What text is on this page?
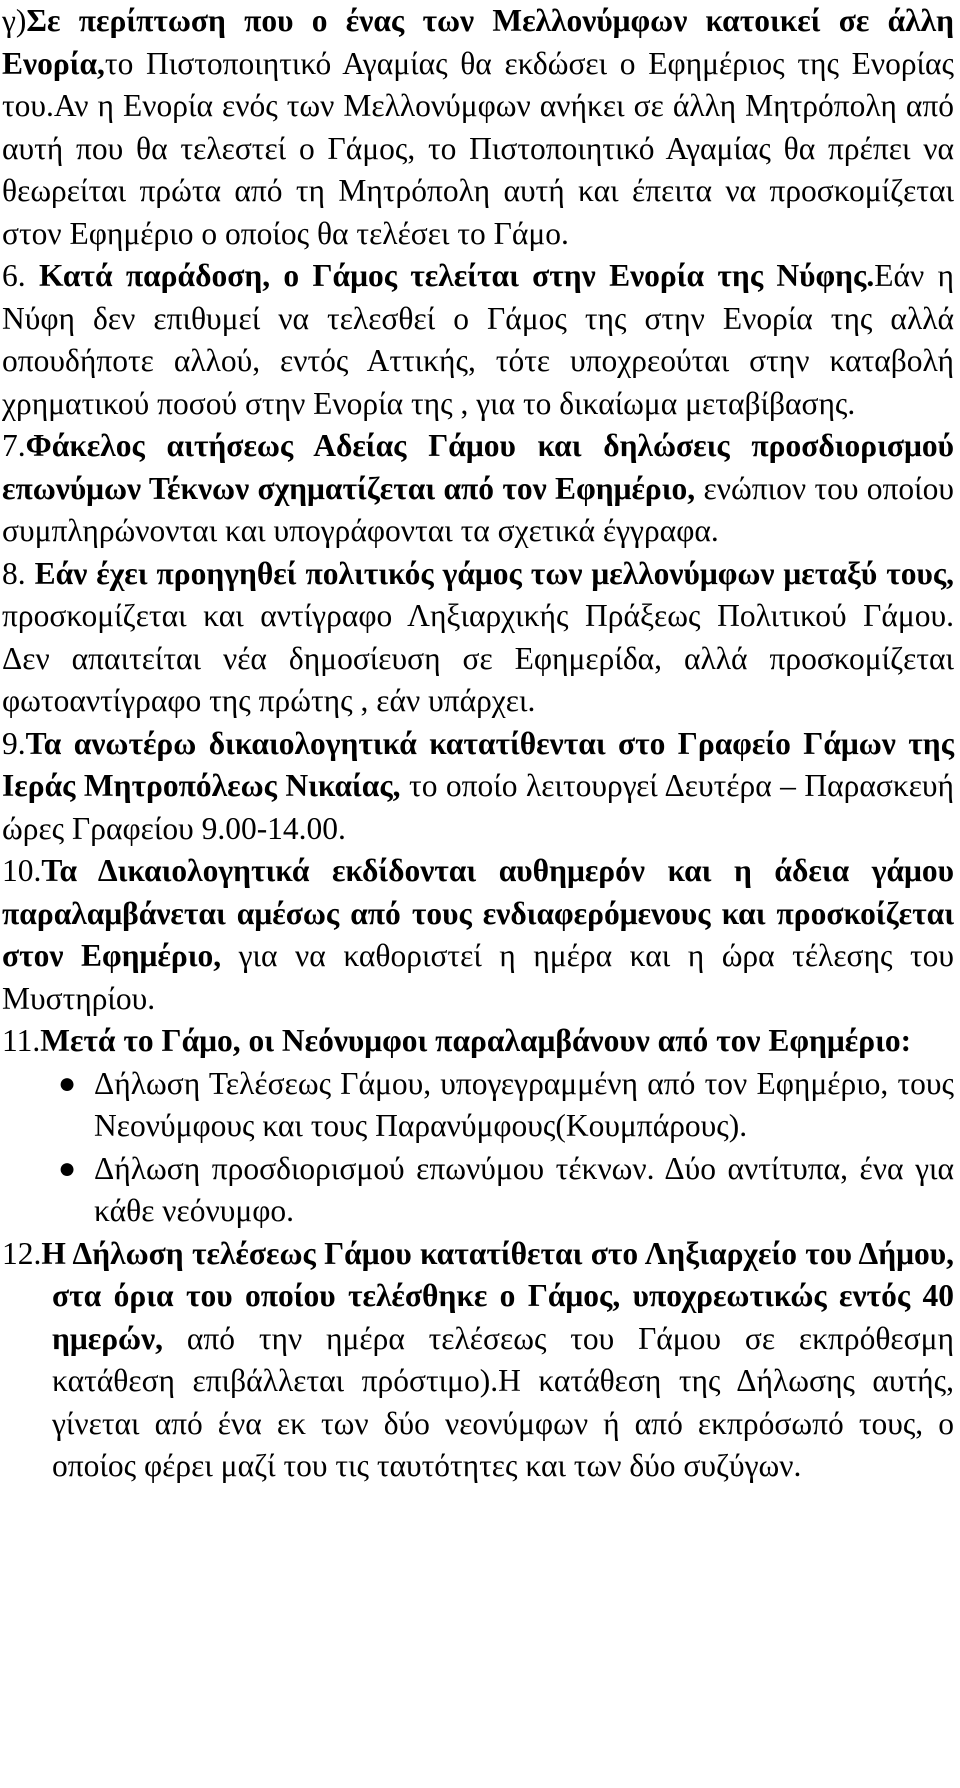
γ)Σε περίπτωση που ο ένας των Μελλονύμφων κατοικεί σε άλλη Ενορία,το Πιστοποιητικό Αγαμίας θα εκδώσει ο Εφημέριος της Ενορίας του.Αν η Ενορία ενός των Μελλονύμφων ανήκει σε άλλη Μητρόπολη από αυτή που θα τελεστεί ο Γάμος, το Πιστοποιητικό Αγαμίας θα πρέπει να θεωρείται πρώτα από τη Μητρόπολη αυτή και έπειτα να προσκομίζεται στον Εφημέριο ο οποίος θα τελέσει το Γάμο.

6. Κατά παράδοση, ο Γάμος τελείται στην Ενορία της Νύφης.Εάν η Νύφη δεν επιθυμεί να τελεσθεί ο Γάμος της στην Ενορία της αλλά οπουδήποτε αλλού, εντός Αττικής, τότε υποχρεούται στην καταβολή χρηματικού ποσού στην Ενορία της , για το δικαίωμα μεταβίβασης.

7.Φάκελος αιτήσεως Αδείας Γάμου και δηλώσεις προσδιορισμού επωνύμων Τέκνων σχηματίζεται από τον Εφημέριο, ενώπιον του οποίου συμπληρώνονται και υπογράφονται τα σχετικά έγγραφα.

8. Εάν έχει προηγηθεί πολιτικός γάμος των μελλονύμφων μεταξύ τους, προσκομίζεται και αντίγραφο Ληξιαρχικής Πράξεως Πολιτικού Γάμου. Δεν απαιτείται νέα δημοσίευση σε Εφημερίδα, αλλά προσκομίζεται φωτοαντίγραφο της πρώτης , εάν υπάρχει.

9.Τα ανωτέρω δικαιολογητικά κατατίθενται στο Γραφείο Γάμων της Ιεράς Μητροπόλεως Νικαίας, το οποίο λειτουργεί Δευτέρα – Παρασκευή ώρες Γραφείου 9.00-14.00.

10.Τα Δικαιολογητικά εκδίδονται αυθημερόν και η άδεια γάμου παραλαμβάνεται αμέσως από τους ενδιαφερόμενους και προσκοίζεται στον Εφημέριο, για να καθοριστεί η ημέρα και η ώρα τέλεσης του Μυστηρίου.

11.Μετά το Γάμο, οι Νεόνυμφοι παραλαμβάνουν από τον Εφημέριο:

● Δήλωση Τελέσεως Γάμου, υπογεγραμμένη από τον Εφημέριο, τους Νεονύμφους και τους Παρανύμφους(Κουμπάρους).
● Δήλωση προσδιορισμού επωνύμου τέκνων. Δύο αντίτυπα, ένα για κάθε νεόνυμφο.

12.Η Δήλωση τελέσεως Γάμου κατατίθεται στο Ληξιαρχείο του Δήμου, στα όρια του οποίου τελέσθηκε ο Γάμος, υποχρεωτικώς εντός 40 ημερών, από την ημέρα τελέσεως του Γάμου σε εκπρόθεσμη κατάθεση επιβάλλεται πρόστιμο).Η κατάθεση της Δήλωσης αυτής, γίνεται από ένα εκ των δύο νεονύμφων ή από εκπρόσωπό τους, ο οποίος φέρει μαζί του τις ταυτότητες και των δύο συζύγων.
